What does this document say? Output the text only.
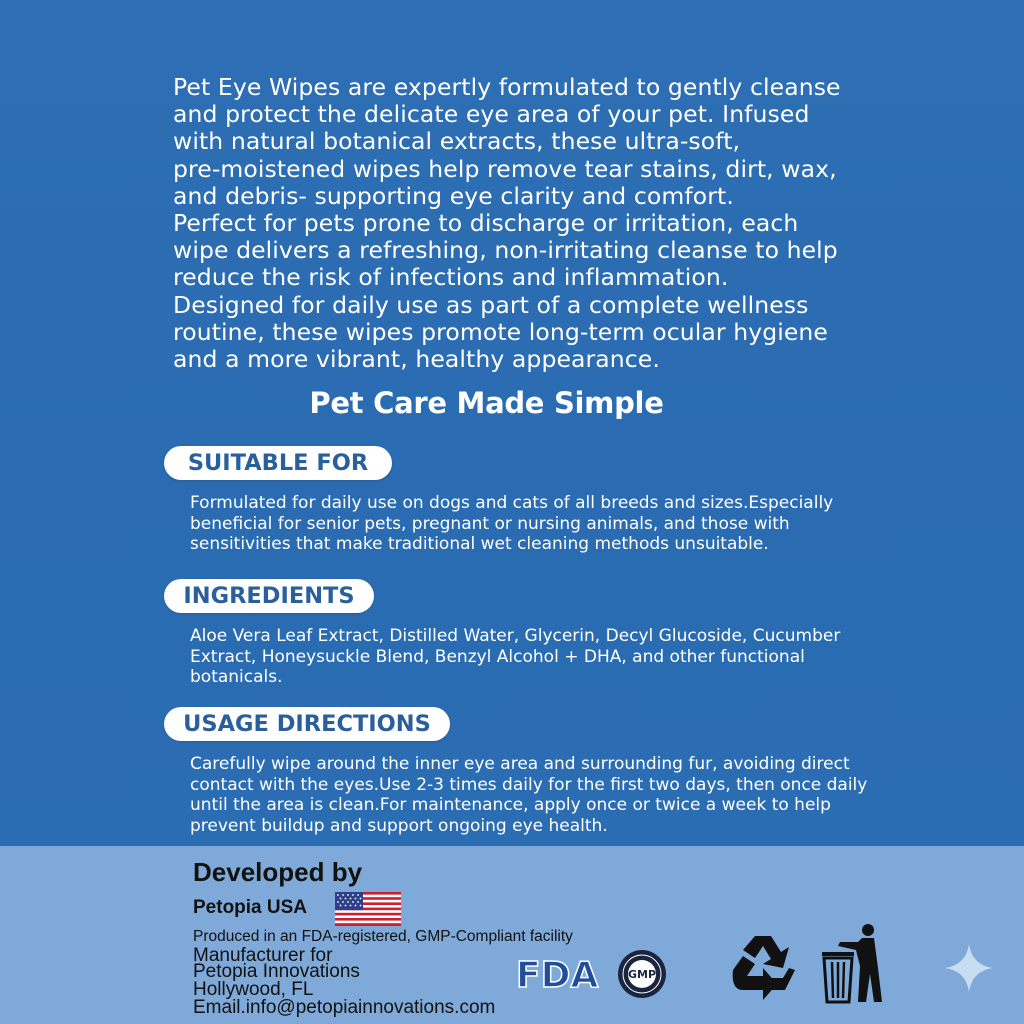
Pet Eye Wipes are expertly formulated to gently cleanse

and protect the delicate eye area of your pet. Infused

with natural botanical extracts, these ultra-soft,

pre-moistened wipes help remove tear stains, dirt, wax,

and debris- supporting eye clarity and comfort.

Perfect for pets prone to discharge or irritation, each

wipe delivers a refreshing, non-irritating cleanse to help

reduce the risk of infections and inflammation.

Designed for daily use as part of a complete wellness

routine, these wipes promote long-term ocular hygiene

and a more vibrant, healthy appearance.

Pet Care Made Simple
SUITABLE FOR
Formulated for daily use on dogs and cats of all breeds and sizes.Especially
beneficial for senior pets, pregnant or nursing animals, and those with
sensitivities that make traditional wet cleaning methods unsuitable.
INGREDIENTS
Aloe Vera Leaf Extract, Distilled Water, Glycerin, Decyl Glucoside, Cucumber
Extract, Honeysuckle Blend, Benzyl Alcohol + DHA, and other functional
botanicals.
USAGE DIRECTIONS
Carefully wipe around the inner eye area and surrounding fur, avoiding direct
contact with the eyes.Use 2-3 times daily for the first two days, then once daily
until the area is clean.For maintenance, apply once or twice a week to help
prevent buildup and support ongoing eye health.
Developed by
Petopia USA
Produced in an FDA-registered, GMP-Compliant facility
Manufacturer for
Petopia Innovations
Hollywood, FL
Email.info@petopiainnovations.com
FDA	GMP
